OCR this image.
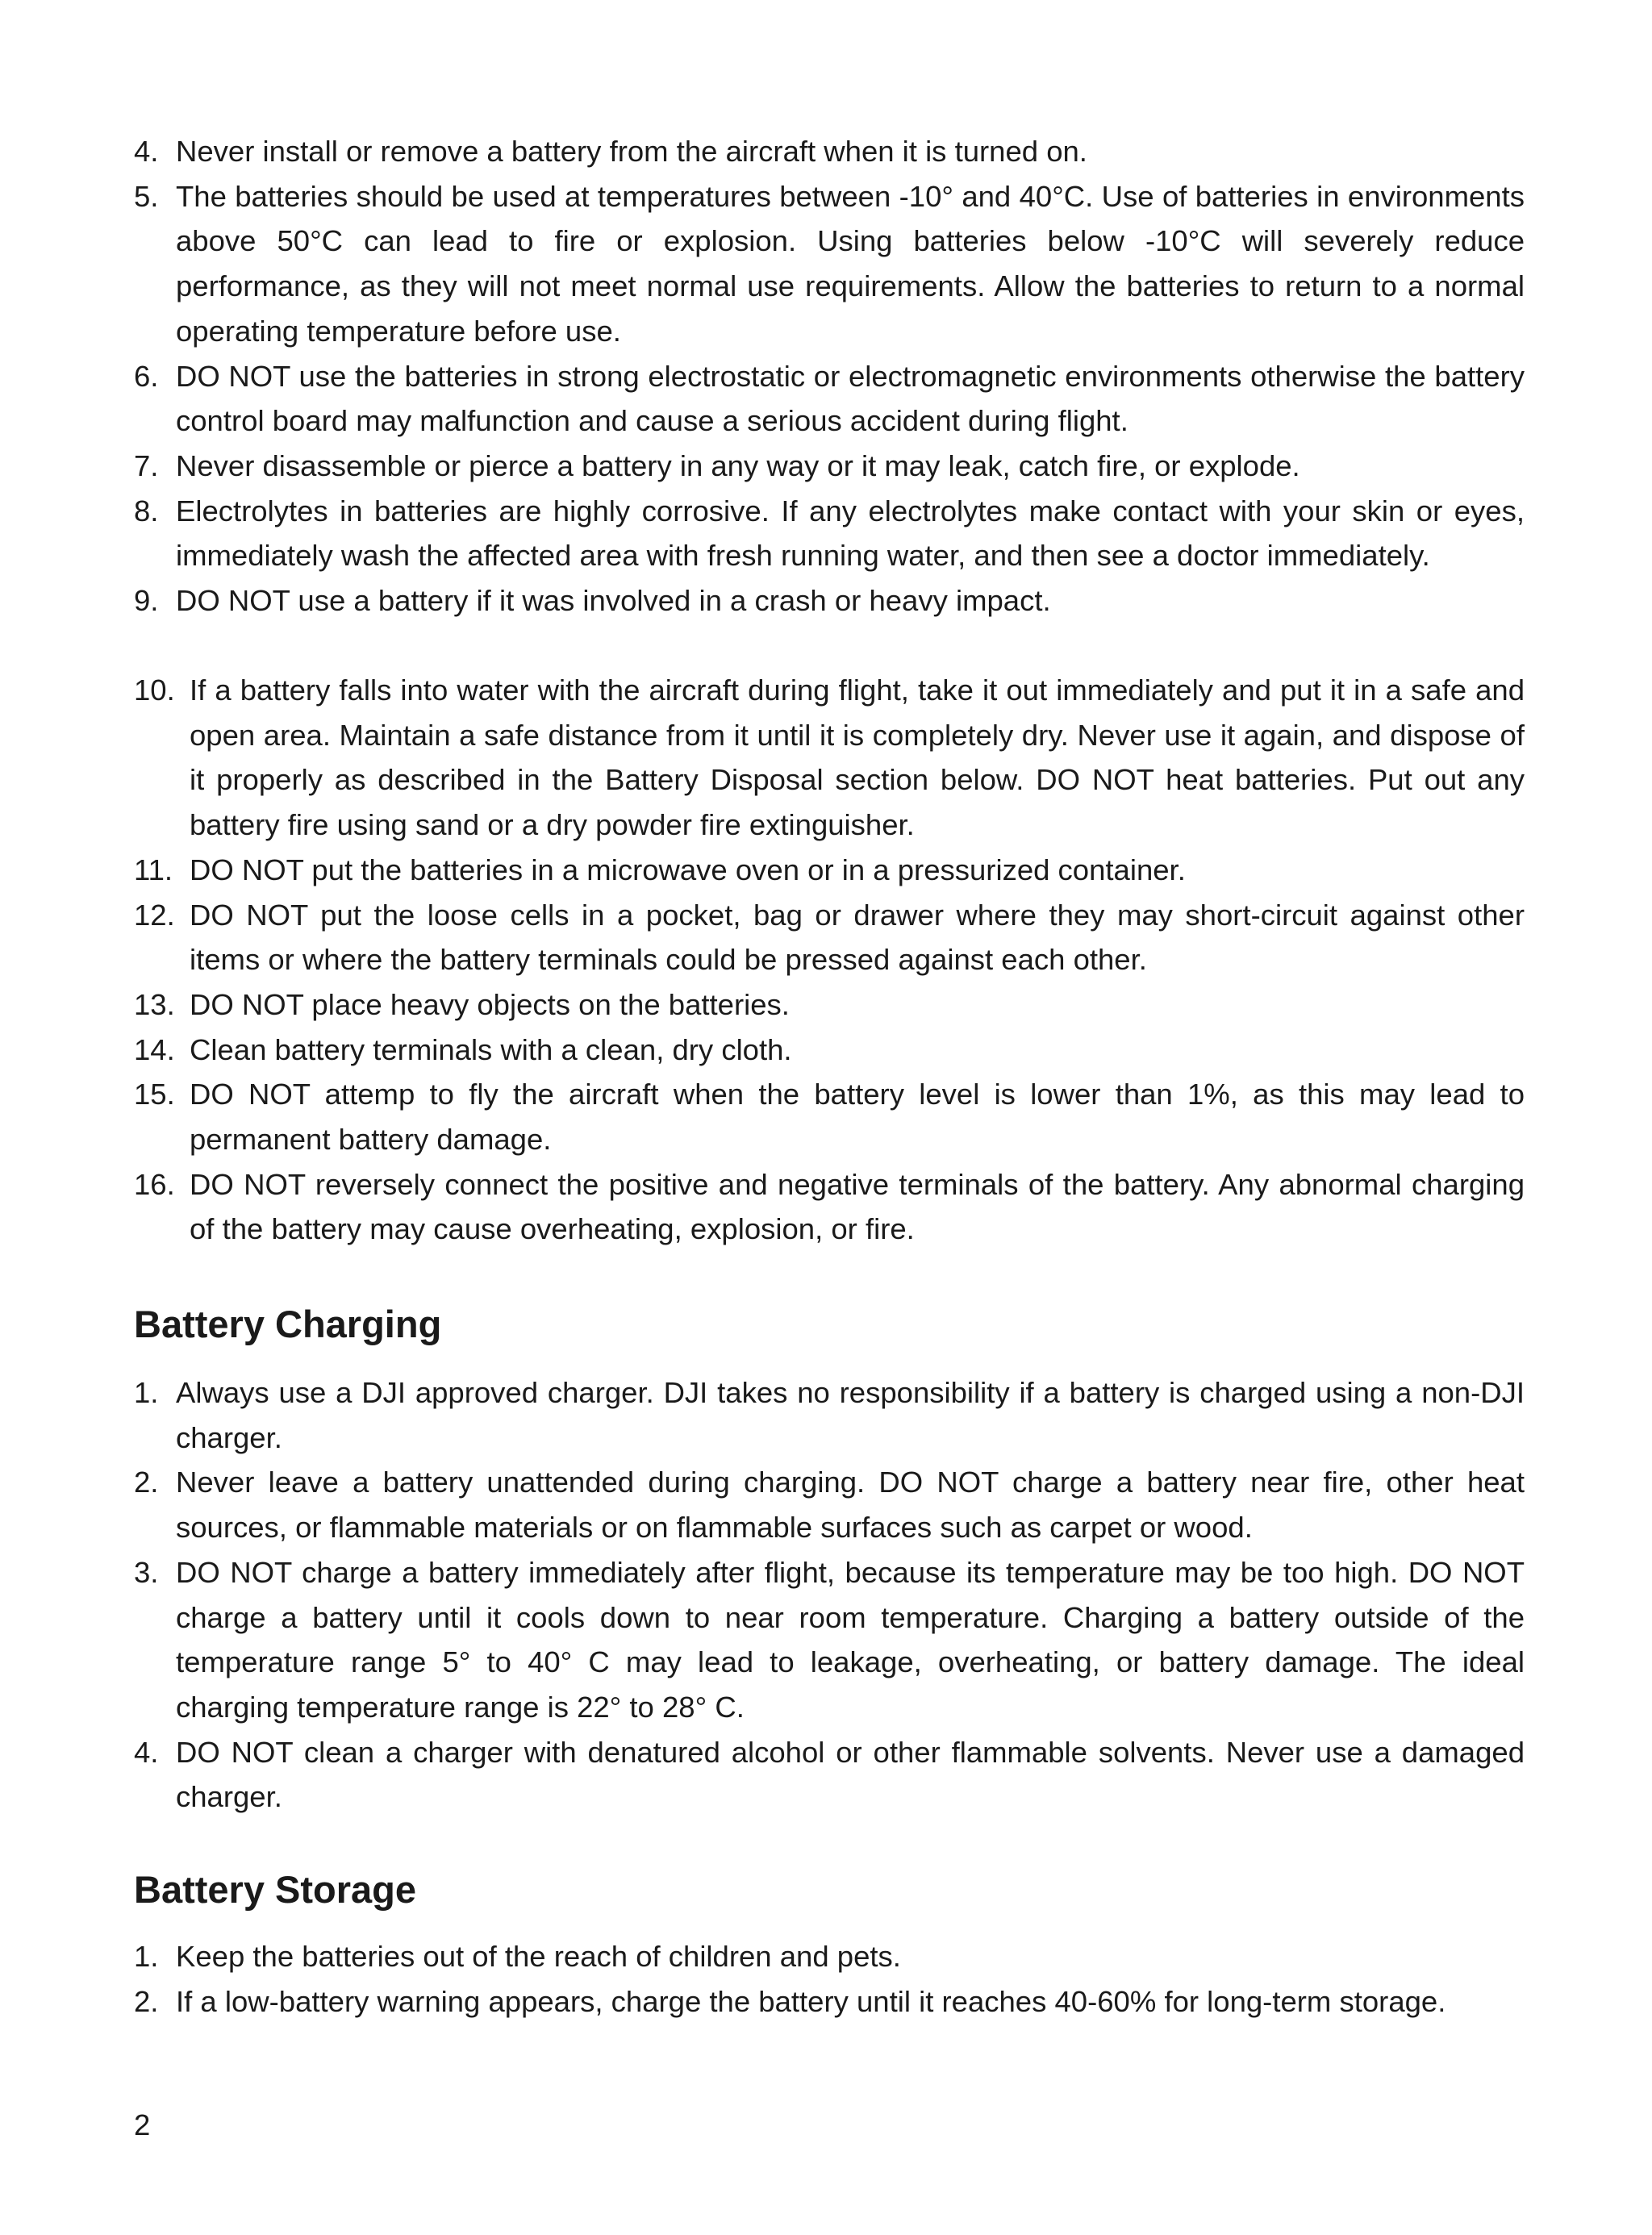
4. Never install or remove a battery from the aircraft when it is turned on.
5. The batteries should be used at temperatures between -10° and 40°C. Use of batteries in environments above 50°C can lead to fire or explosion. Using batteries below -10°C will severely reduce performance, as they will not meet normal use requirements. Allow the batteries to return to a normal operating temperature before use.
6. DO NOT use the batteries in strong electrostatic or electromagnetic environments otherwise the battery control board may malfunction and cause a serious accident during flight.
7. Never disassemble or pierce a battery in any way or it may leak, catch fire, or explode.
8. Electrolytes in batteries are highly corrosive. If any electrolytes make contact with your skin or eyes, immediately wash the affected area with fresh running water, and then see a doctor immediately.
9. DO NOT use a battery if it was involved in a crash or heavy impact.
10. If a battery falls into water with the aircraft during flight, take it out immediately and put it in a safe and open area. Maintain a safe distance from it until it is completely dry. Never use it again, and dispose of it properly as described in the Battery Disposal section below. DO NOT heat batteries. Put out any battery fire using sand or a dry powder fire extinguisher.
11. DO NOT put the batteries in a microwave oven or in a pressurized container.
12. DO NOT put the loose cells in a pocket, bag or drawer where they may short-circuit against other items or where the battery terminals could be pressed against each other.
13. DO NOT place heavy objects on the batteries.
14. Clean battery terminals with a clean, dry cloth.
15. DO NOT attemp to fly the aircraft when the battery level is lower than 1%, as this may lead to permanent battery damage.
16. DO NOT reversely connect the positive and negative terminals of the battery. Any abnormal charging of the battery may cause overheating, explosion, or fire.
Battery Charging
1. Always use a DJI approved charger. DJI takes no responsibility if a battery is charged using a non-DJI charger.
2. Never leave a battery unattended during charging. DO NOT charge a battery near fire, other heat sources, or flammable materials or on flammable surfaces such as carpet or wood.
3. DO NOT charge a battery immediately after flight, because its temperature may be too high. DO NOT charge a battery until it cools down to near room temperature. Charging a battery outside of the temperature range 5° to 40° C may lead to leakage, overheating, or battery damage. The ideal charging temperature range is 22° to 28° C.
4. DO NOT clean a charger with denatured alcohol or other flammable solvents. Never use a damaged charger.
Battery Storage
1. Keep the batteries out of the reach of children and pets.
2. If a low-battery warning appears, charge the battery until it reaches 40-60% for long-term storage.
2
